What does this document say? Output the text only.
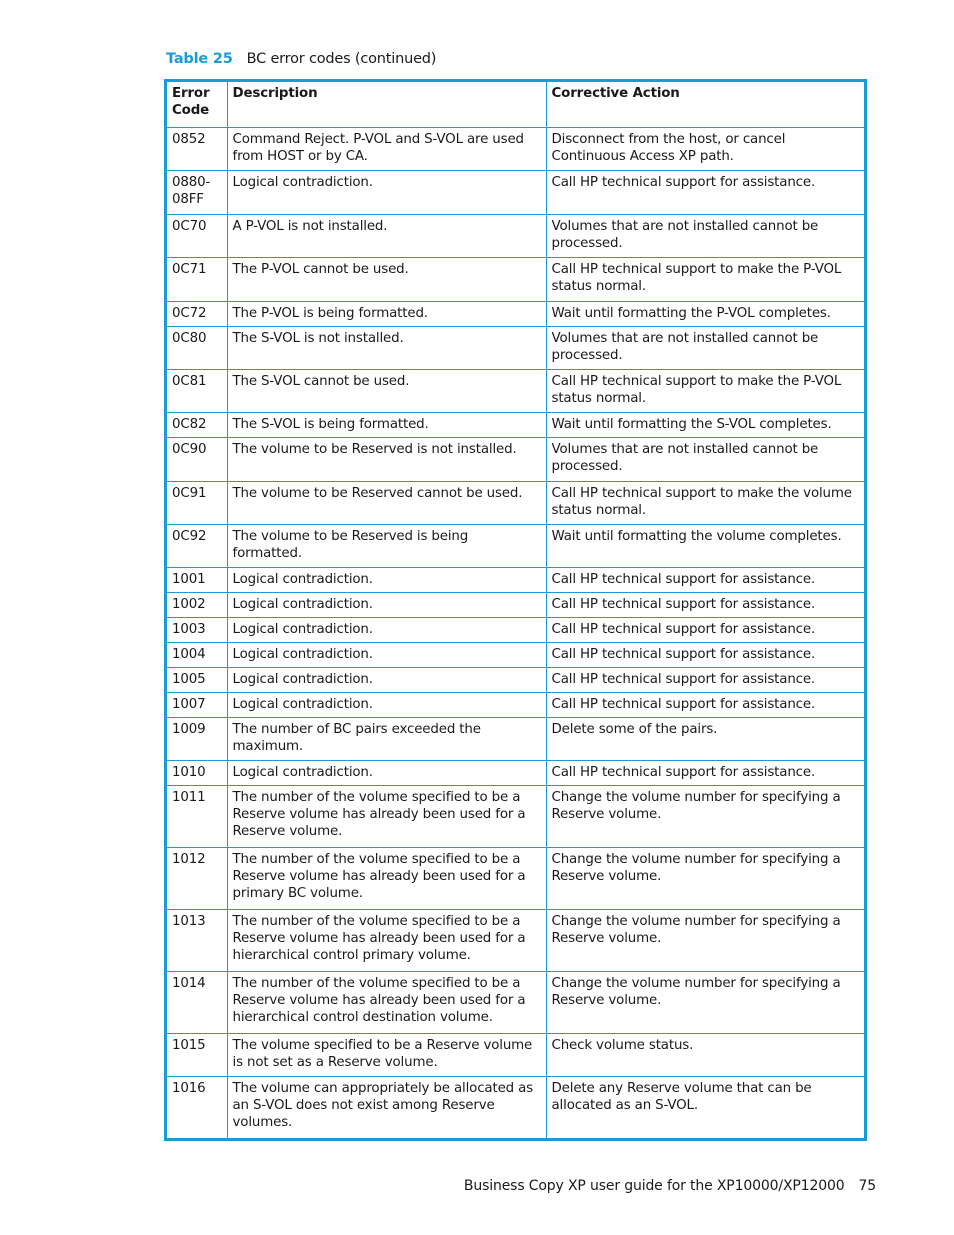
Table 25 BC error codes (continued)
Error Code	Description	Corrective Action
0852	Command Reject. P-VOL and S-VOL are used from HOST or by CA.	Disconnect from the host, or cancel Continuous Access XP path.
0880-08FF	Logical contradiction.	Call HP technical support for assistance.
0C70	A P-VOL is not installed.	Volumes that are not installed cannot be processed.
0C71	The P-VOL cannot be used.	Call HP technical support to make the P-VOL status normal.
0C72	The P-VOL is being formatted.	Wait until formatting the P-VOL completes.
0C80	The S-VOL is not installed.	Volumes that are not installed cannot be processed.
0C81	The S-VOL cannot be used.	Call HP technical support to make the P-VOL status normal.
0C82	The S-VOL is being formatted.	Wait until formatting the S-VOL completes.
0C90	The volume to be Reserved is not installed.	Volumes that are not installed cannot be processed.
0C91	The volume to be Reserved cannot be used.	Call HP technical support to make the volume status normal.
0C92	The volume to be Reserved is being formatted.	Wait until formatting the volume completes.
1001	Logical contradiction.	Call HP technical support for assistance.
1002	Logical contradiction.	Call HP technical support for assistance.
1003	Logical contradiction.	Call HP technical support for assistance.
1004	Logical contradiction.	Call HP technical support for assistance.
1005	Logical contradiction.	Call HP technical support for assistance.
1007	Logical contradiction.	Call HP technical support for assistance.
1009	The number of BC pairs exceeded the maximum.	Delete some of the pairs.
1010	Logical contradiction.	Call HP technical support for assistance.
1011	The number of the volume specified to be a Reserve volume has already been used for a Reserve volume.	Change the volume number for specifying a Reserve volume.
1012	The number of the volume specified to be a Reserve volume has already been used for a primary BC volume.	Change the volume number for specifying a Reserve volume.
1013	The number of the volume specified to be a Reserve volume has already been used for a hierarchical control primary volume.	Change the volume number for specifying a Reserve volume.
1014	The number of the volume specified to be a Reserve volume has already been used for a hierarchical control destination volume.	Change the volume number for specifying a Reserve volume.
1015	The volume specified to be a Reserve volume is not set as a Reserve volume.	Check volume status.
1016	The volume can appropriately be allocated as an S-VOL does not exist among Reserve volumes.	Delete any Reserve volume that can be allocated as an S-VOL.
Business Copy XP user guide for the XP10000/XP12000 75
